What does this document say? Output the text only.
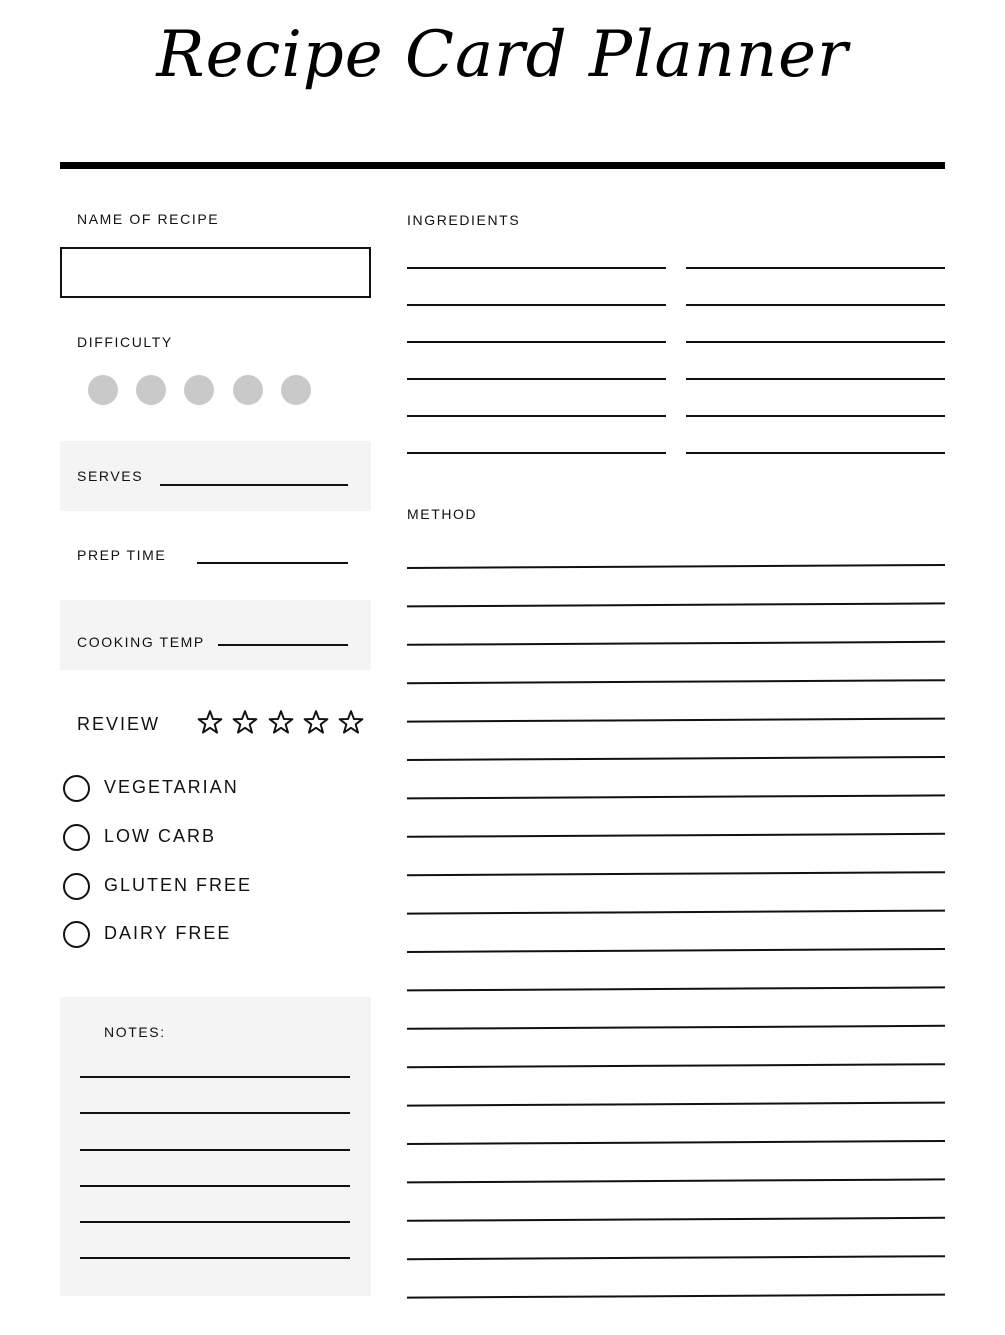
Recipe Card Planner
NAME OF RECIPE
DIFFICULTY
SERVES
PREP TIME
COOKING TEMP
REVIEW
VEGETARIAN
LOW CARB
GLUTEN FREE
DAIRY FREE
NOTES:
INGREDIENTS
METHOD
